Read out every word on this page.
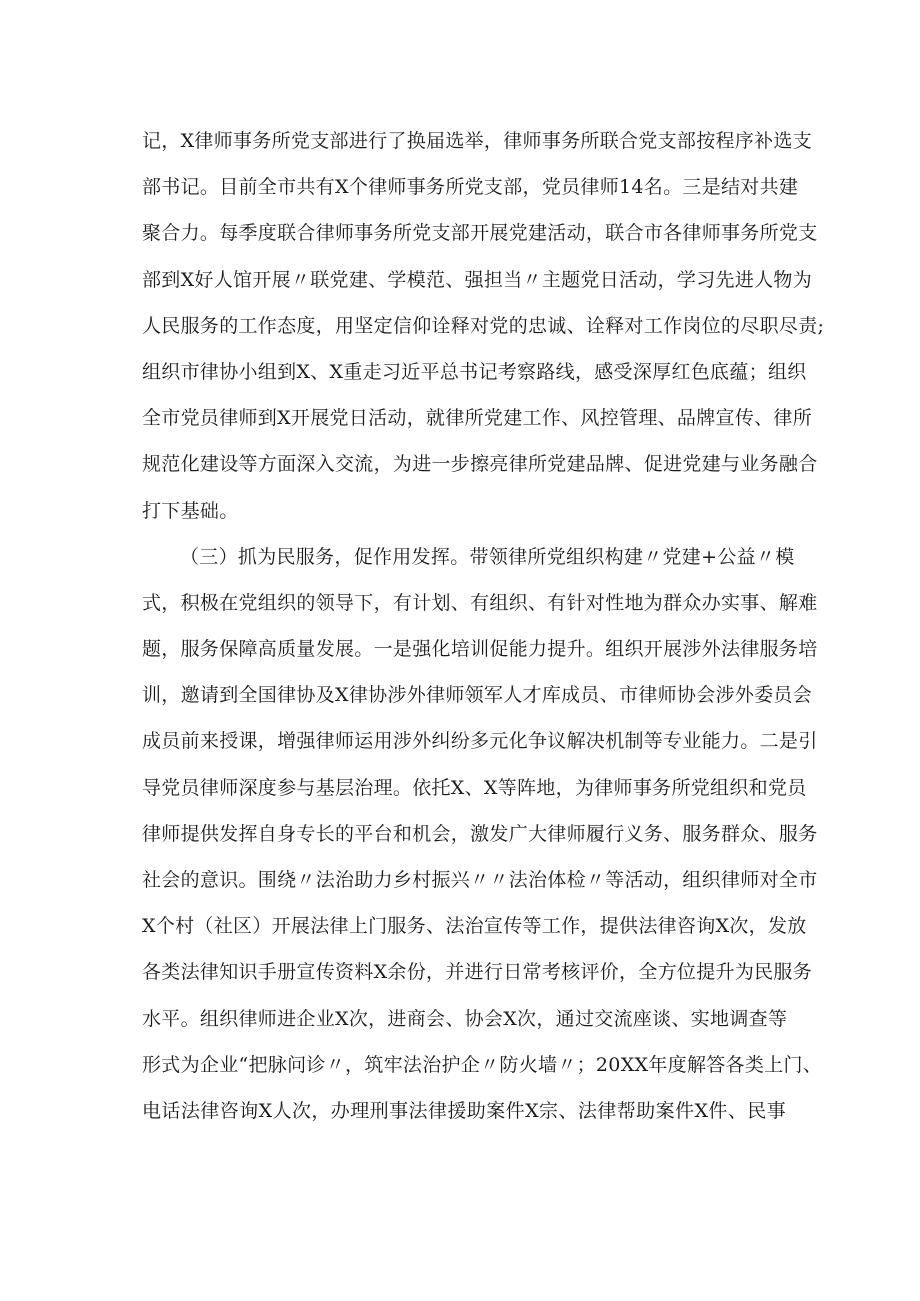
记，X律师事务所党支部进行了换届选举，律师事务所联合党支部按程序补选支
部书记。目前全市共有X个律师事务所党支部，党员律师14名。三是结对共建
聚合力。每季度联合律师事务所党支部开展党建活动，联合市各律师事务所党支
部到X好人馆开展〃联党建、学模范、强担当〃主题党日活动，学习先进人物为
人民服务的工作态度，用坚定信仰诠释对党的忠诚、诠释对工作岗位的尽职尽责;
组织市律协小组到X、X重走习近平总书记考察路线，感受深厚红色底蕴；组织
全市党员律师到X开展党日活动，就律所党建工作、风控管理、品牌宣传、律所
规范化建设等方面深入交流，为进一步擦亮律所党建品牌、促进党建与业务融合
打下基础。
（三）抓为民服务，促作用发挥。带领律所党组织构建〃党建+公益〃模
式，积极在党组织的领导下，有计划、有组织、有针对性地为群众办实事、解难
题，服务保障高质量发展。一是强化培训促能力提升。组织开展涉外法律服务培
训，邀请到全国律协及X律协涉外律师领军人才库成员、市律师协会涉外委员会
成员前来授课，增强律师运用涉外纠纷多元化争议解决机制等专业能力。二是引
导党员律师深度参与基层治理。依托X、X等阵地，为律师事务所党组织和党员
律师提供发挥自身专长的平台和机会，激发广大律师履行义务、服务群众、服务
社会的意识。围绕〃法治助力乡村振兴〃〃法治体检〃等活动，组织律师对全市
X个村（社区）开展法律上门服务、法治宣传等工作，提供法律咨询X次，发放
各类法律知识手册宣传资料X余份，并进行日常考核评价，全方位提升为民服务
水平。组织律师进企业X次，进商会、协会X次，通过交流座谈、实地调查等
形式为企业“把脉问诊〃，筑牢法治护企〃防火墙〃；20XX年度解答各类上门、
电话法律咨询X人次，办理刑事法律援助案件X宗、法律帮助案件X件、民事
